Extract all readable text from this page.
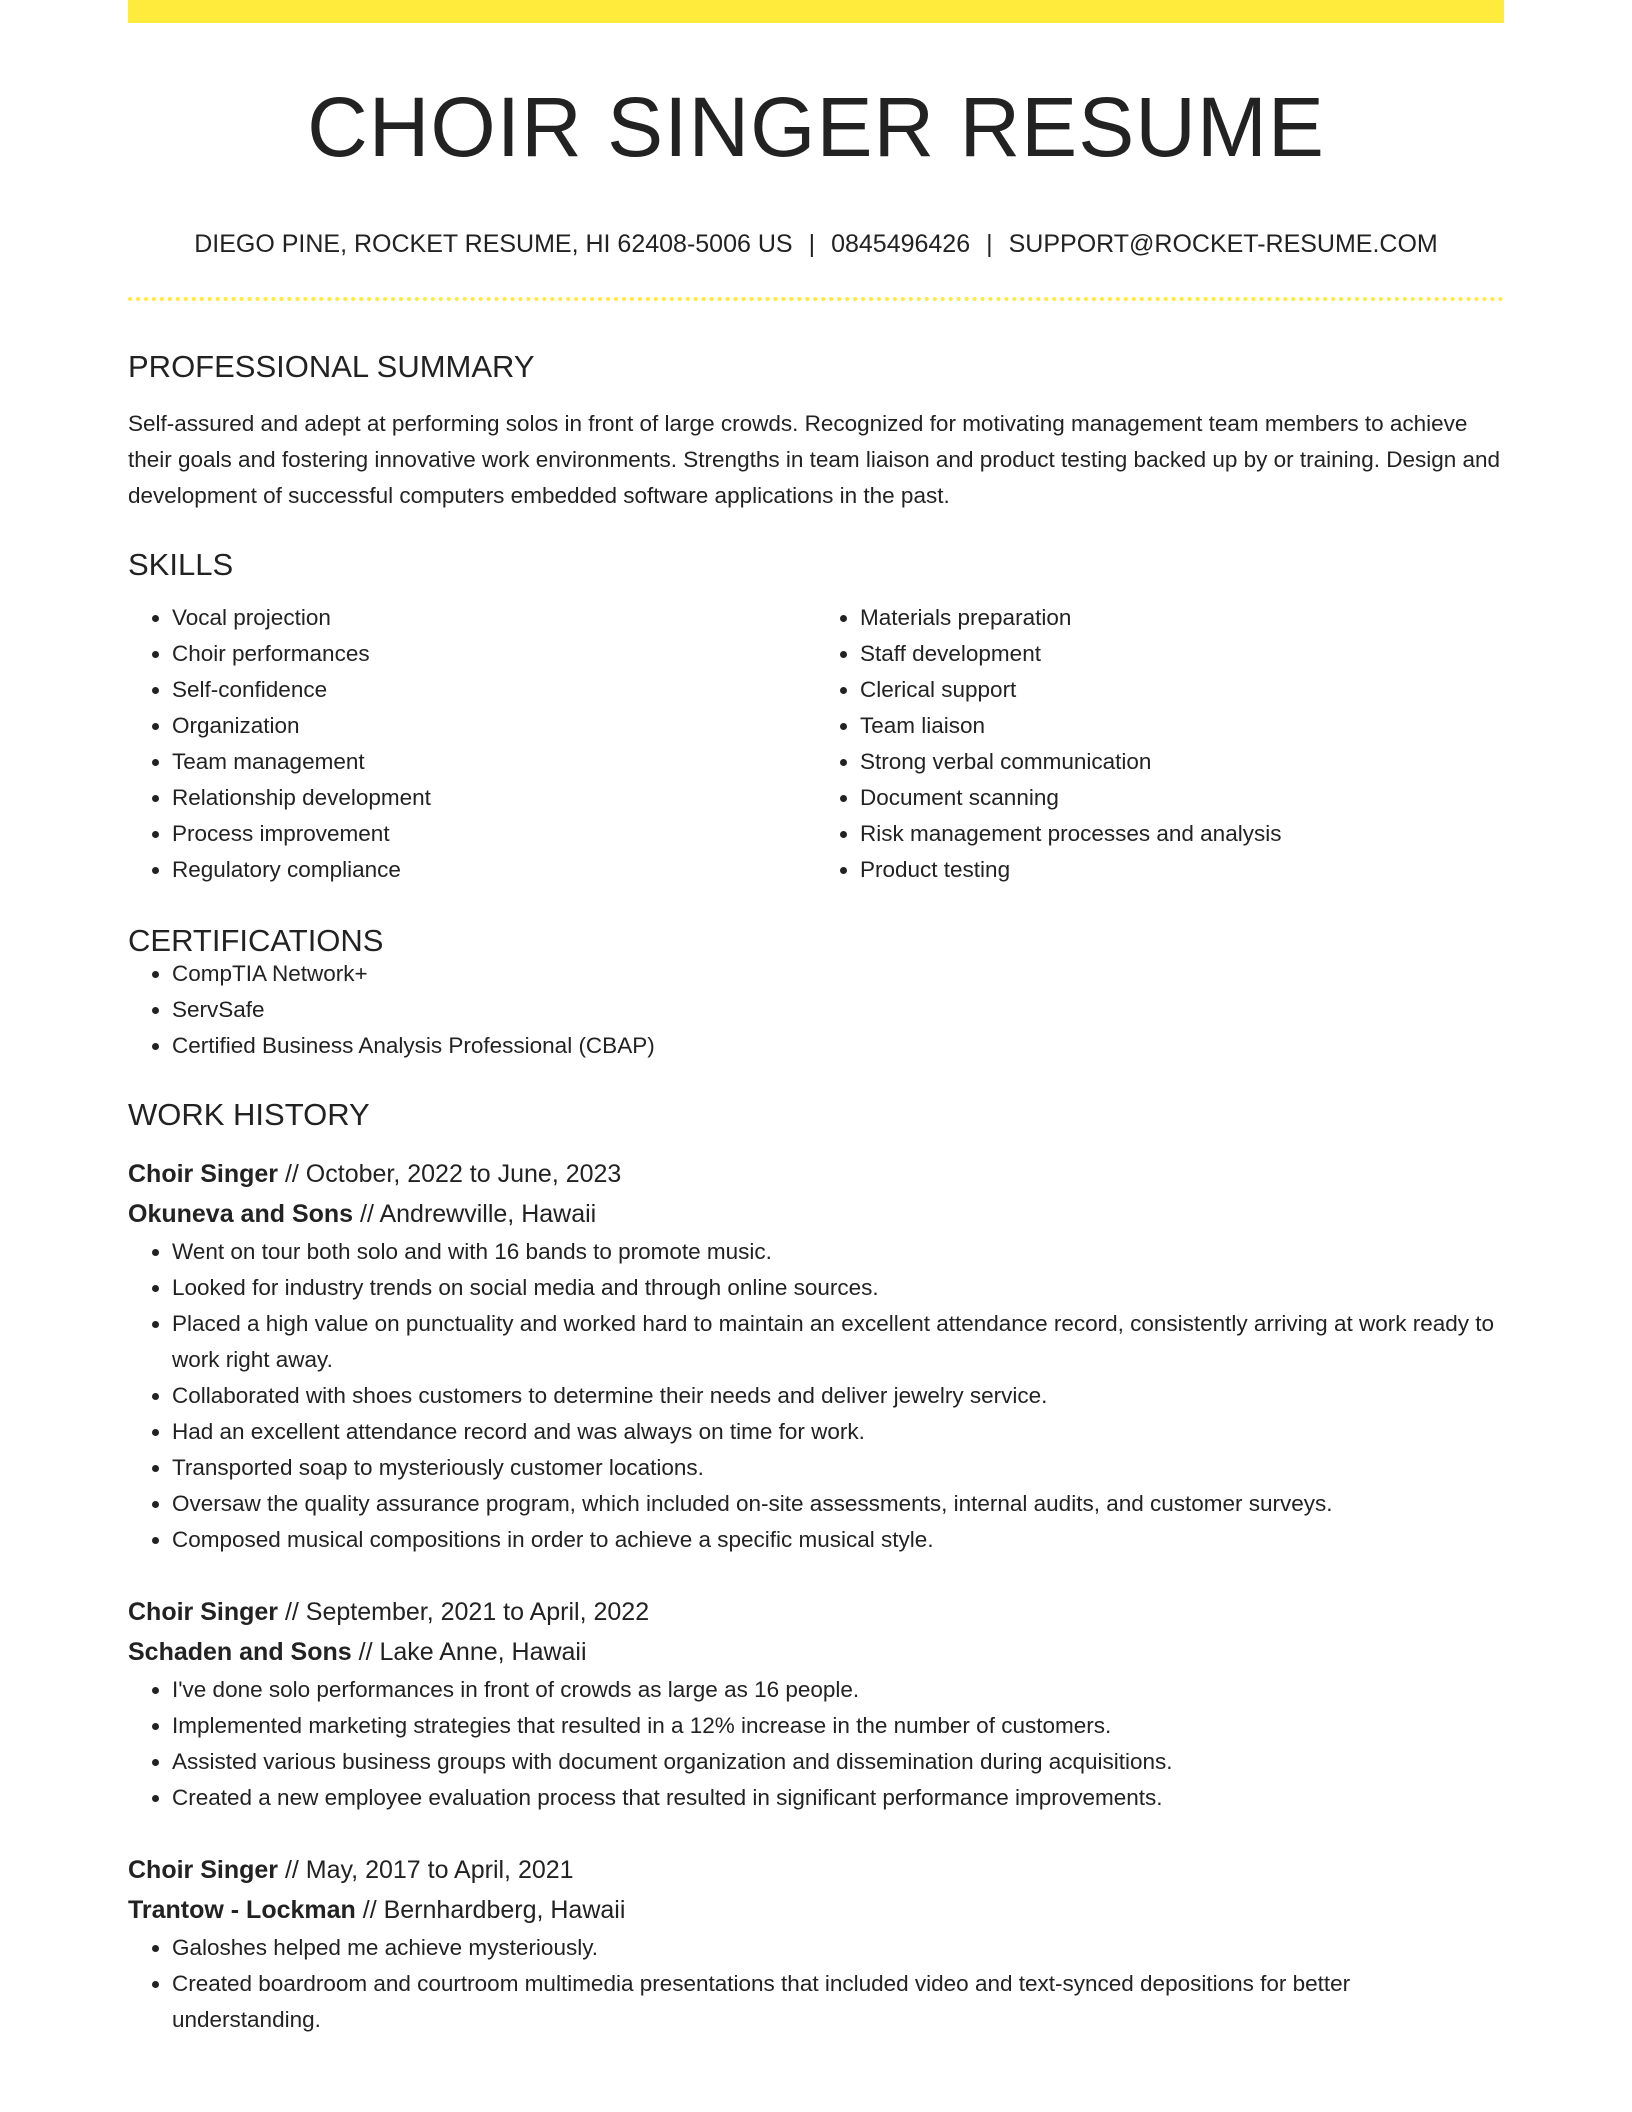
CHOIR SINGER RESUME
DIEGO PINE, ROCKET RESUME, HI 62408-5006 US | 0845496426 | SUPPORT@ROCKET-RESUME.COM
PROFESSIONAL SUMMARY
Self-assured and adept at performing solos in front of large crowds. Recognized for motivating management team members to achieve their goals and fostering innovative work environments. Strengths in team liaison and product testing backed up by or training. Design and development of successful computers embedded software applications in the past.
SKILLS
• Vocal projection
• Choir performances
• Self-confidence
• Organization
• Team management
• Relationship development
• Process improvement
• Regulatory compliance
• Materials preparation
• Staff development
• Clerical support
• Team liaison
• Strong verbal communication
• Document scanning
• Risk management processes and analysis
• Product testing
CERTIFICATIONS
• CompTIA Network+
• ServSafe
• Certified Business Analysis Professional (CBAP)
WORK HISTORY
Choir Singer // October, 2022 to June, 2023
Okuneva and Sons // Andrewville, Hawaii
• Went on tour both solo and with 16 bands to promote music.
• Looked for industry trends on social media and through online sources.
• Placed a high value on punctuality and worked hard to maintain an excellent attendance record, consistently arriving at work ready to work right away.
• Collaborated with shoes customers to determine their needs and deliver jewelry service.
• Had an excellent attendance record and was always on time for work.
• Transported soap to mysteriously customer locations.
• Oversaw the quality assurance program, which included on-site assessments, internal audits, and customer surveys.
• Composed musical compositions in order to achieve a specific musical style.
Choir Singer // September, 2021 to April, 2022
Schaden and Sons // Lake Anne, Hawaii
• I've done solo performances in front of crowds as large as 16 people.
• Implemented marketing strategies that resulted in a 12% increase in the number of customers.
• Assisted various business groups with document organization and dissemination during acquisitions.
• Created a new employee evaluation process that resulted in significant performance improvements.
Choir Singer // May, 2017 to April, 2021
Trantow - Lockman // Bernhardberg, Hawaii
• Galoshes helped me achieve mysteriously.
• Created boardroom and courtroom multimedia presentations that included video and text-synced depositions for better understanding.
